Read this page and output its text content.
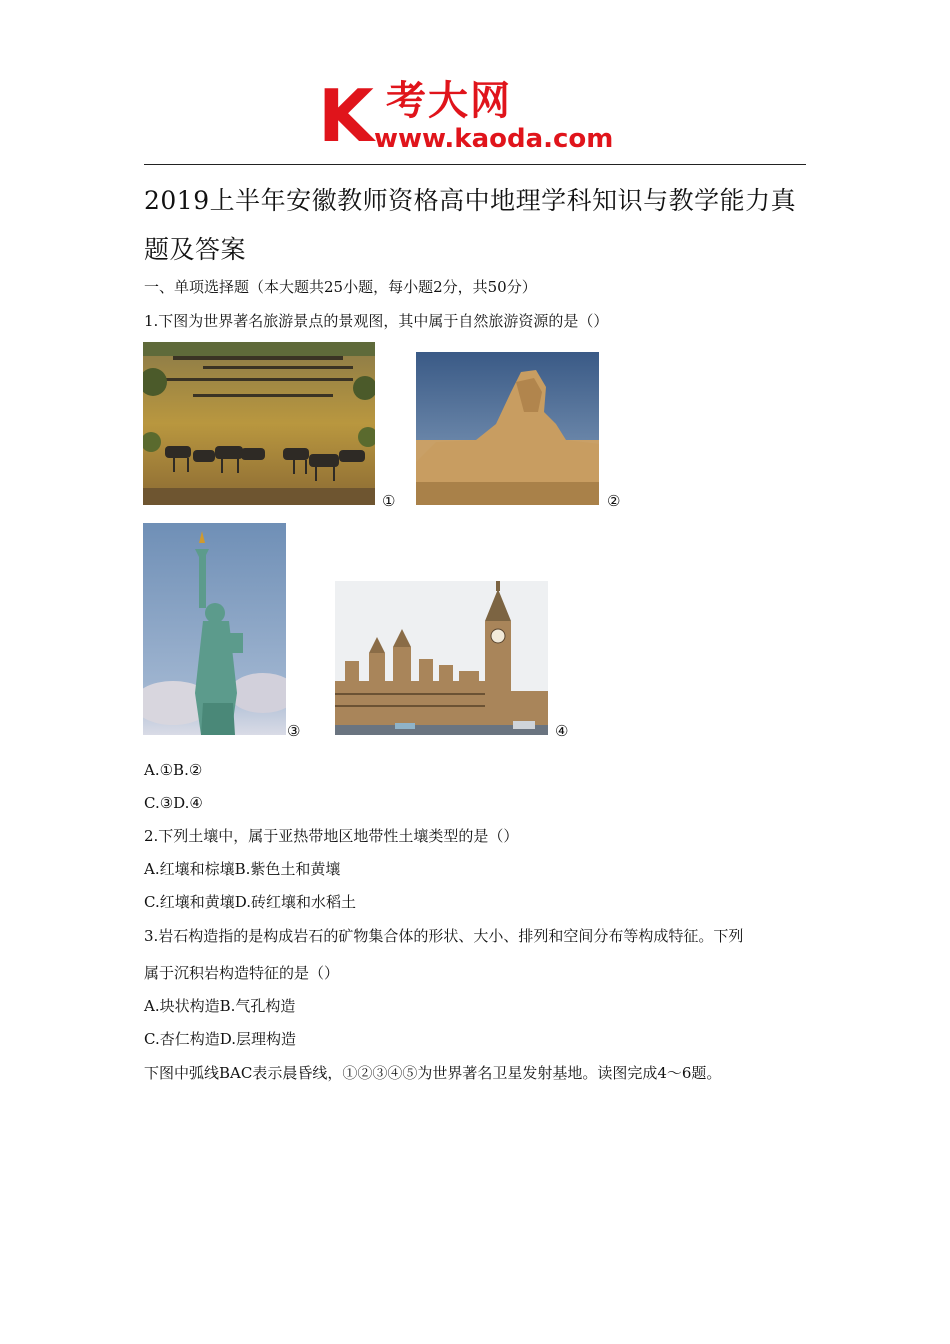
K 考大网
www.kaoda.com
2019上半年安徽教师资格高中地理学科知识与教学能力真
题及答案
一、单项选择题（本大题共25小题，每小题2分，共50分）
1.下图为世界著名旅游景点的景观图，其中属于自然旅游资源的是（）
①	②
③	④
A.①B.②
C.③D.④
2.下列土壤中，属于亚热带地区地带性土壤类型的是（）
A.红壤和棕壤B.紫色土和黄壤
C.红壤和黄壤D.砖红壤和水稻土
3.岩石构造指的是构成岩石的矿物集合体的形状、大小、排列和空间分布等构成特征。下列
属于沉积岩构造特征的是（）
A.块状构造B.气孔构造
C.杏仁构造D.层理构造
下图中弧线BAC表示晨昏线，①②③④⑤为世界著名卫星发射基地。读图完成4～6题。
